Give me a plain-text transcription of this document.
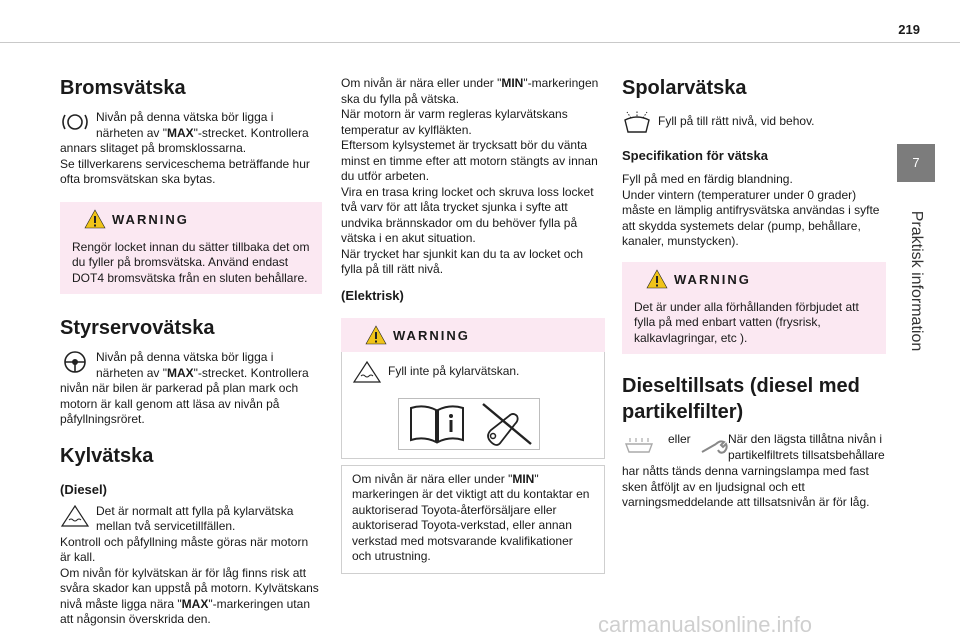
219
7
Praktisk information
Bromsvätska

Nivån på denna vätska bör ligga i närheten av "MAX"-strecket. Kontrollera annars slitaget på bromsklossarna.

Se tillverkarens serviceschema beträffande hur ofta bromsvätskan ska bytas.

WARNING
Rengör locket innan du sätter tillbaka det om du fyller på bromsvätska. Använd endast DOT4 bromsvätska från en sluten behållare.
Styrservovätska

Nivån på denna vätska bör ligga i närheten av "MAX"-strecket. Kontrollera nivån när bilen är parkerad på plan mark och motorn är kall genom att läsa av nivån på påfyllningsröret.

Kylvätska
(Diesel)

Det är normalt att fylla på kylarvätska mellan två servicetillfällen.

Kontroll och påfyllning måste göras när motorn är kall.

Om nivån för kylvätskan är för låg finns risk att svåra skador kan uppstå på motorn. Kylvätskans nivå måste ligga nära "MAX"-markeringen utan att någonsin överskrida den.

Om nivån är nära eller under "MIN"-markeringen ska du fylla på vätska.

När motorn är varm regleras kylarvätskans temperatur av kylfläkten.

Eftersom kylsystemet är trycksatt bör du vänta minst en timme efter att motorn stängts av innan du utför arbeten.

Vira en trasa kring locket och skruva loss locket två varv för att låta trycket sjunka i syfte att undvika brännskador om du behöver fylla på vätska i en akut situation.

När trycket har sjunkit kan du ta av locket och fylla på till rätt nivå.

(Elektrisk)
WARNING

Fyll inte på kylarvätskan.

Om nivån är nära eller under "MIN" markeringen är det viktigt att du kontaktar en auktoriserad Toyota-återförsäljare eller auktoriserad Toyota-verkstad, eller annan verkstad med motsvarande kvalifikationer och utrustning.

Spolarvätska

Fyll på till rätt nivå, vid behov.

Specifikation för vätska

Fyll på med en färdig blandning.

Under vintern (temperaturer under 0 grader) måste en lämplig antifrysvätska användas i syfte att skydda systemets delar (pump, behållare, kanaler, munstycken).

WARNING
Det är under alla förhållanden förbjudet att fylla på med enbart vatten (frysrisk, kalkavlagringar, etc ).
Dieseltillsats (diesel med
partikelfilter)
eller	När den lägsta tillåtna nivån i partikelfiltrets tillsatsbehållare

har nåtts tänds denna varningslampa med fast sken åtföljt av en ljudsignal och ett varningsmeddelande att tillsatsnivån är för låg.

carmanualsonline.info
